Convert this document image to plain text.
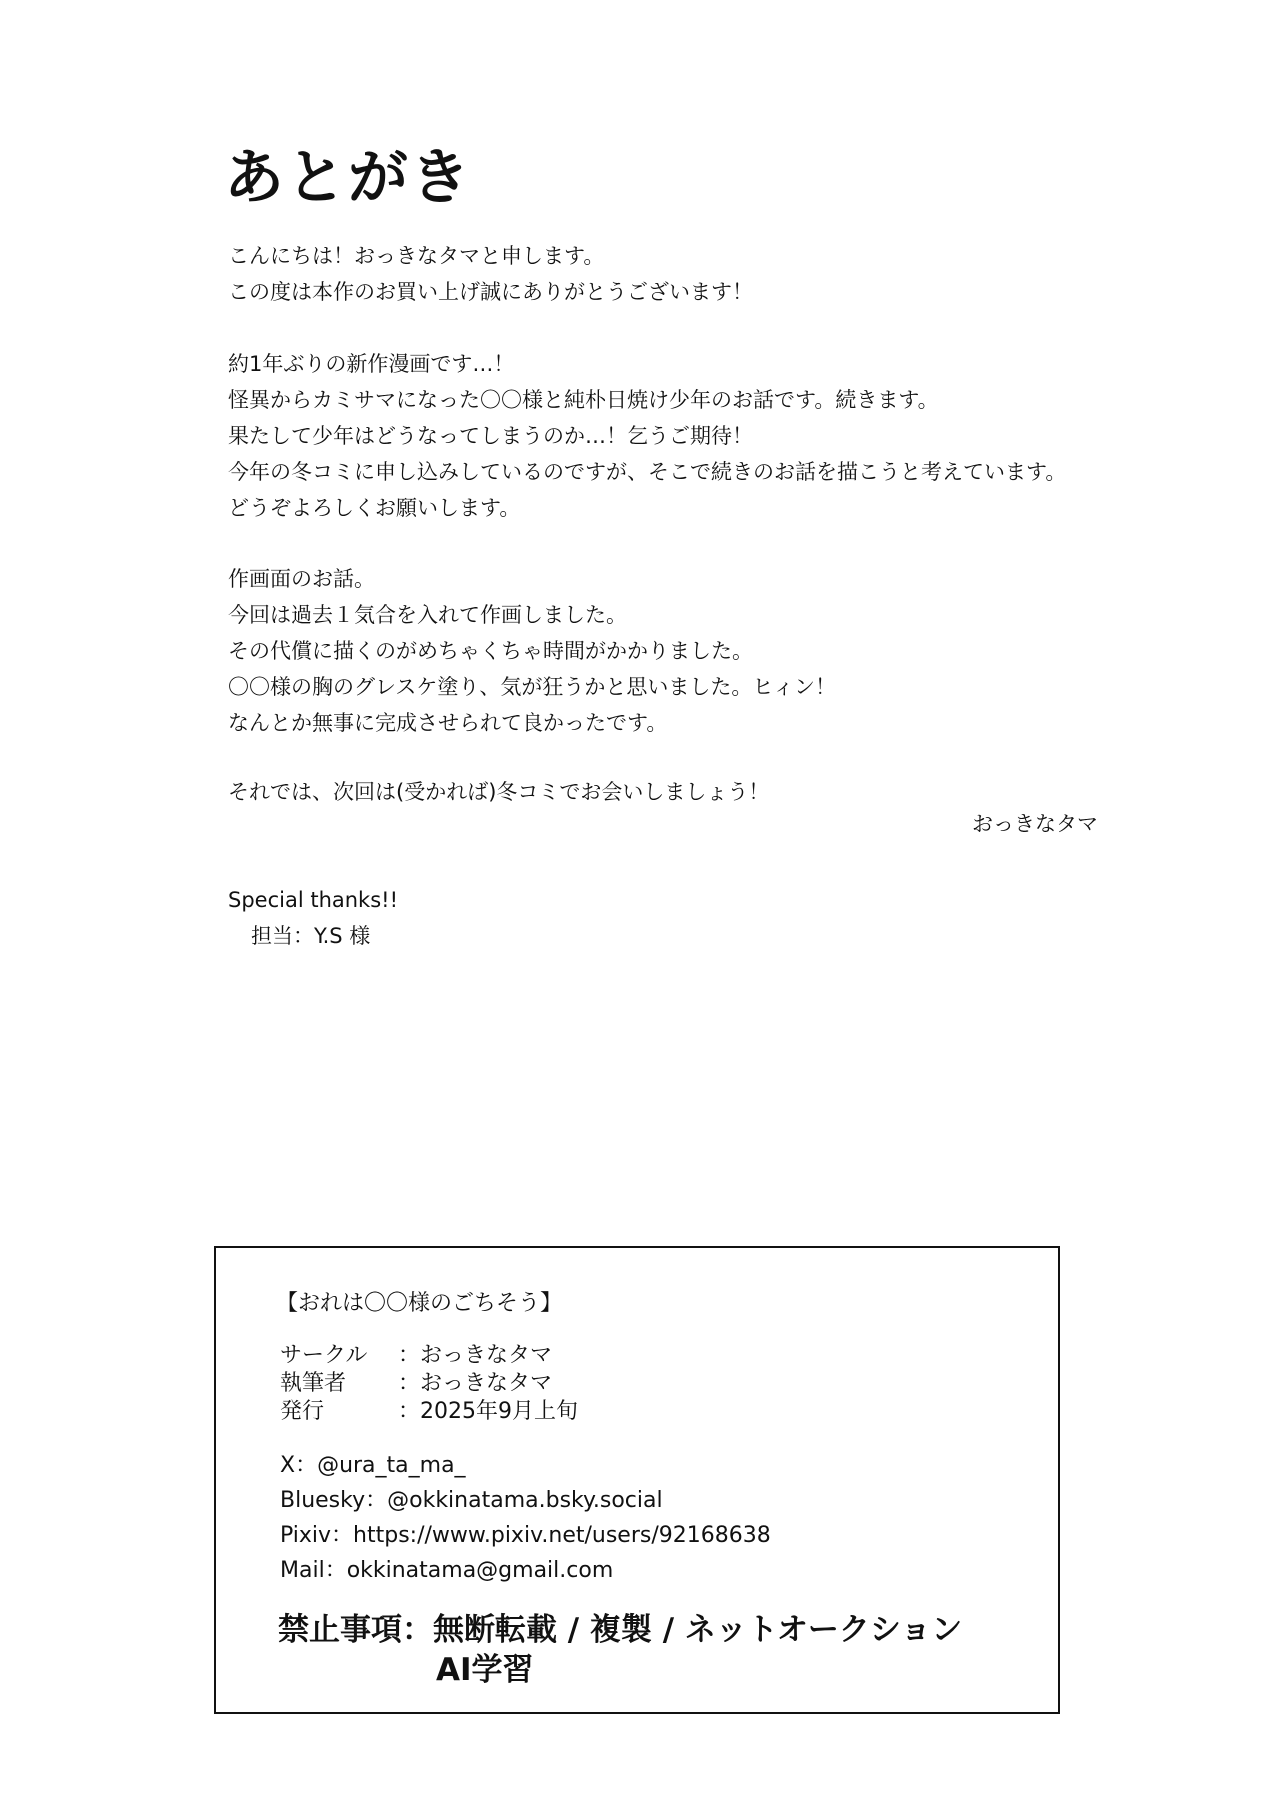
あとがき
こんにちは！おっきなタマと申します。
この度は本作のお買い上げ誠にありがとうございます！
約1年ぶりの新作漫画です…！
怪異からカミサマになった〇〇様と純朴日焼け少年のお話です。続きます。
果たして少年はどうなってしまうのか…！乞うご期待！
今年の冬コミに申し込みしているのですが、そこで続きのお話を描こうと考えています。
どうぞよろしくお願いします。
作画面のお話。
今回は過去１気合を入れて作画しました。
その代償に描くのがめちゃくちゃ時間がかかりました。
〇〇様の胸のグレスケ塗り、気が狂うかと思いました。ヒィン！
なんとか無事に完成させられて良かったです。
それでは、次回は(受かれば)冬コミでお会いしましょう！
おっきなタマ
Special thanks!!
担当：Y.S 様
【おれは〇〇様のごちそう】
サークル	：おっきなタマ
執筆者	：おっきなタマ
発行	：2025年9月上旬
X：@ura_ta_ma_
Bluesky：@okkinatama.bsky.social
Pixiv：https://www.pixiv.net/users/92168638
Mail：okkinatama@gmail.com
禁止事項：無断転載 / 複製 / ネットオークション
AI学習
